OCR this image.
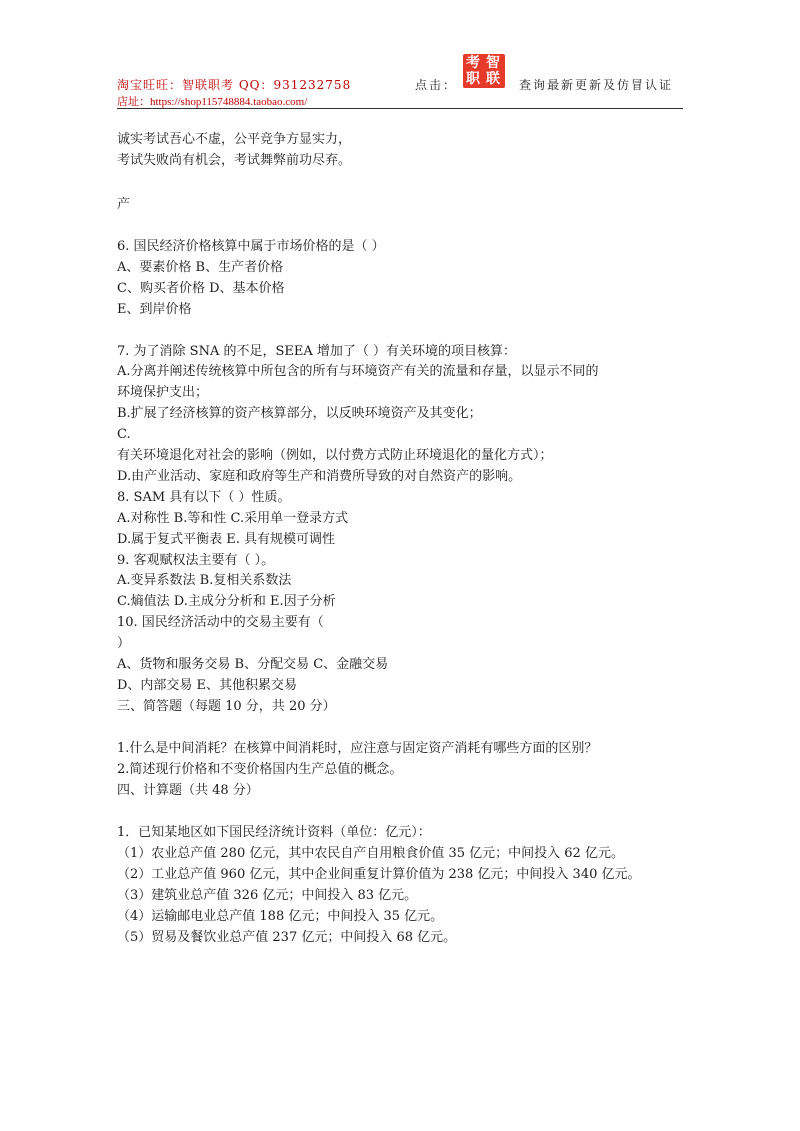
淘宝旺旺：智联职考 QQ：931232758
店址：https://shop115748884.taobao.com/
点击：
考 智
职 联 查询最新更新及仿冒认证
诚实考试吾心不虚，公平竞争方显实力，
考试失败尚有机会，考试舞弊前功尽弃。
产
6. 国民经济价格核算中属于市场价格的是（ ）
A、要素价格 B、生产者价格
C、购买者价格 D、基本价格
E、到岸价格
7. 为了消除 SNA 的不足，SEEA 增加了（ ）有关环境的项目核算：
A.分离并阐述传统核算中所包含的所有与环境资产有关的流量和存量，以显示不同的
环境保护支出；
B.扩展了经济核算的资产核算部分，以反映环境资产及其变化；
C.
有关环境退化对社会的影响（例如，以付费方式防止环境退化的量化方式）；
D.由产业活动、家庭和政府等生产和消费所导致的对自然资产的影响。
8. SAM 具有以下（ ）性质。
A.对称性 B.等和性 C.采用单一登录方式
D.属于复式平衡表 E. 具有规模可调性
9. 客观赋权法主要有（ ）。
A.变异系数法 B.复相关系数法
C.熵值法 D.主成分分析和 E.因子分析
10. 国民经济活动中的交易主要有（
）
A、货物和服务交易 B、分配交易 C、金融交易
D、内部交易 E、其他积累交易
三、简答题（每题 10 分，共 20 分）
1.什么是中间消耗？在核算中间消耗时，应注意与固定资产消耗有哪些方面的区别？
2.简述现行价格和不变价格国内生产总值的概念。
四、计算题（共 48 分）
1．已知某地区如下国民经济统计资料（单位：亿元）：
（1）农业总产值 280 亿元，其中农民自产自用粮食价值 35 亿元；中间投入 62 亿元。
（2）工业总产值 960 亿元，其中企业间重复计算价值为 238 亿元；中间投入 340 亿元。
（3）建筑业总产值 326 亿元；中间投入 83 亿元。
（4）运输邮电业总产值 188 亿元；中间投入 35 亿元。
（5）贸易及餐饮业总产值 237 亿元；中间投入 68 亿元。
